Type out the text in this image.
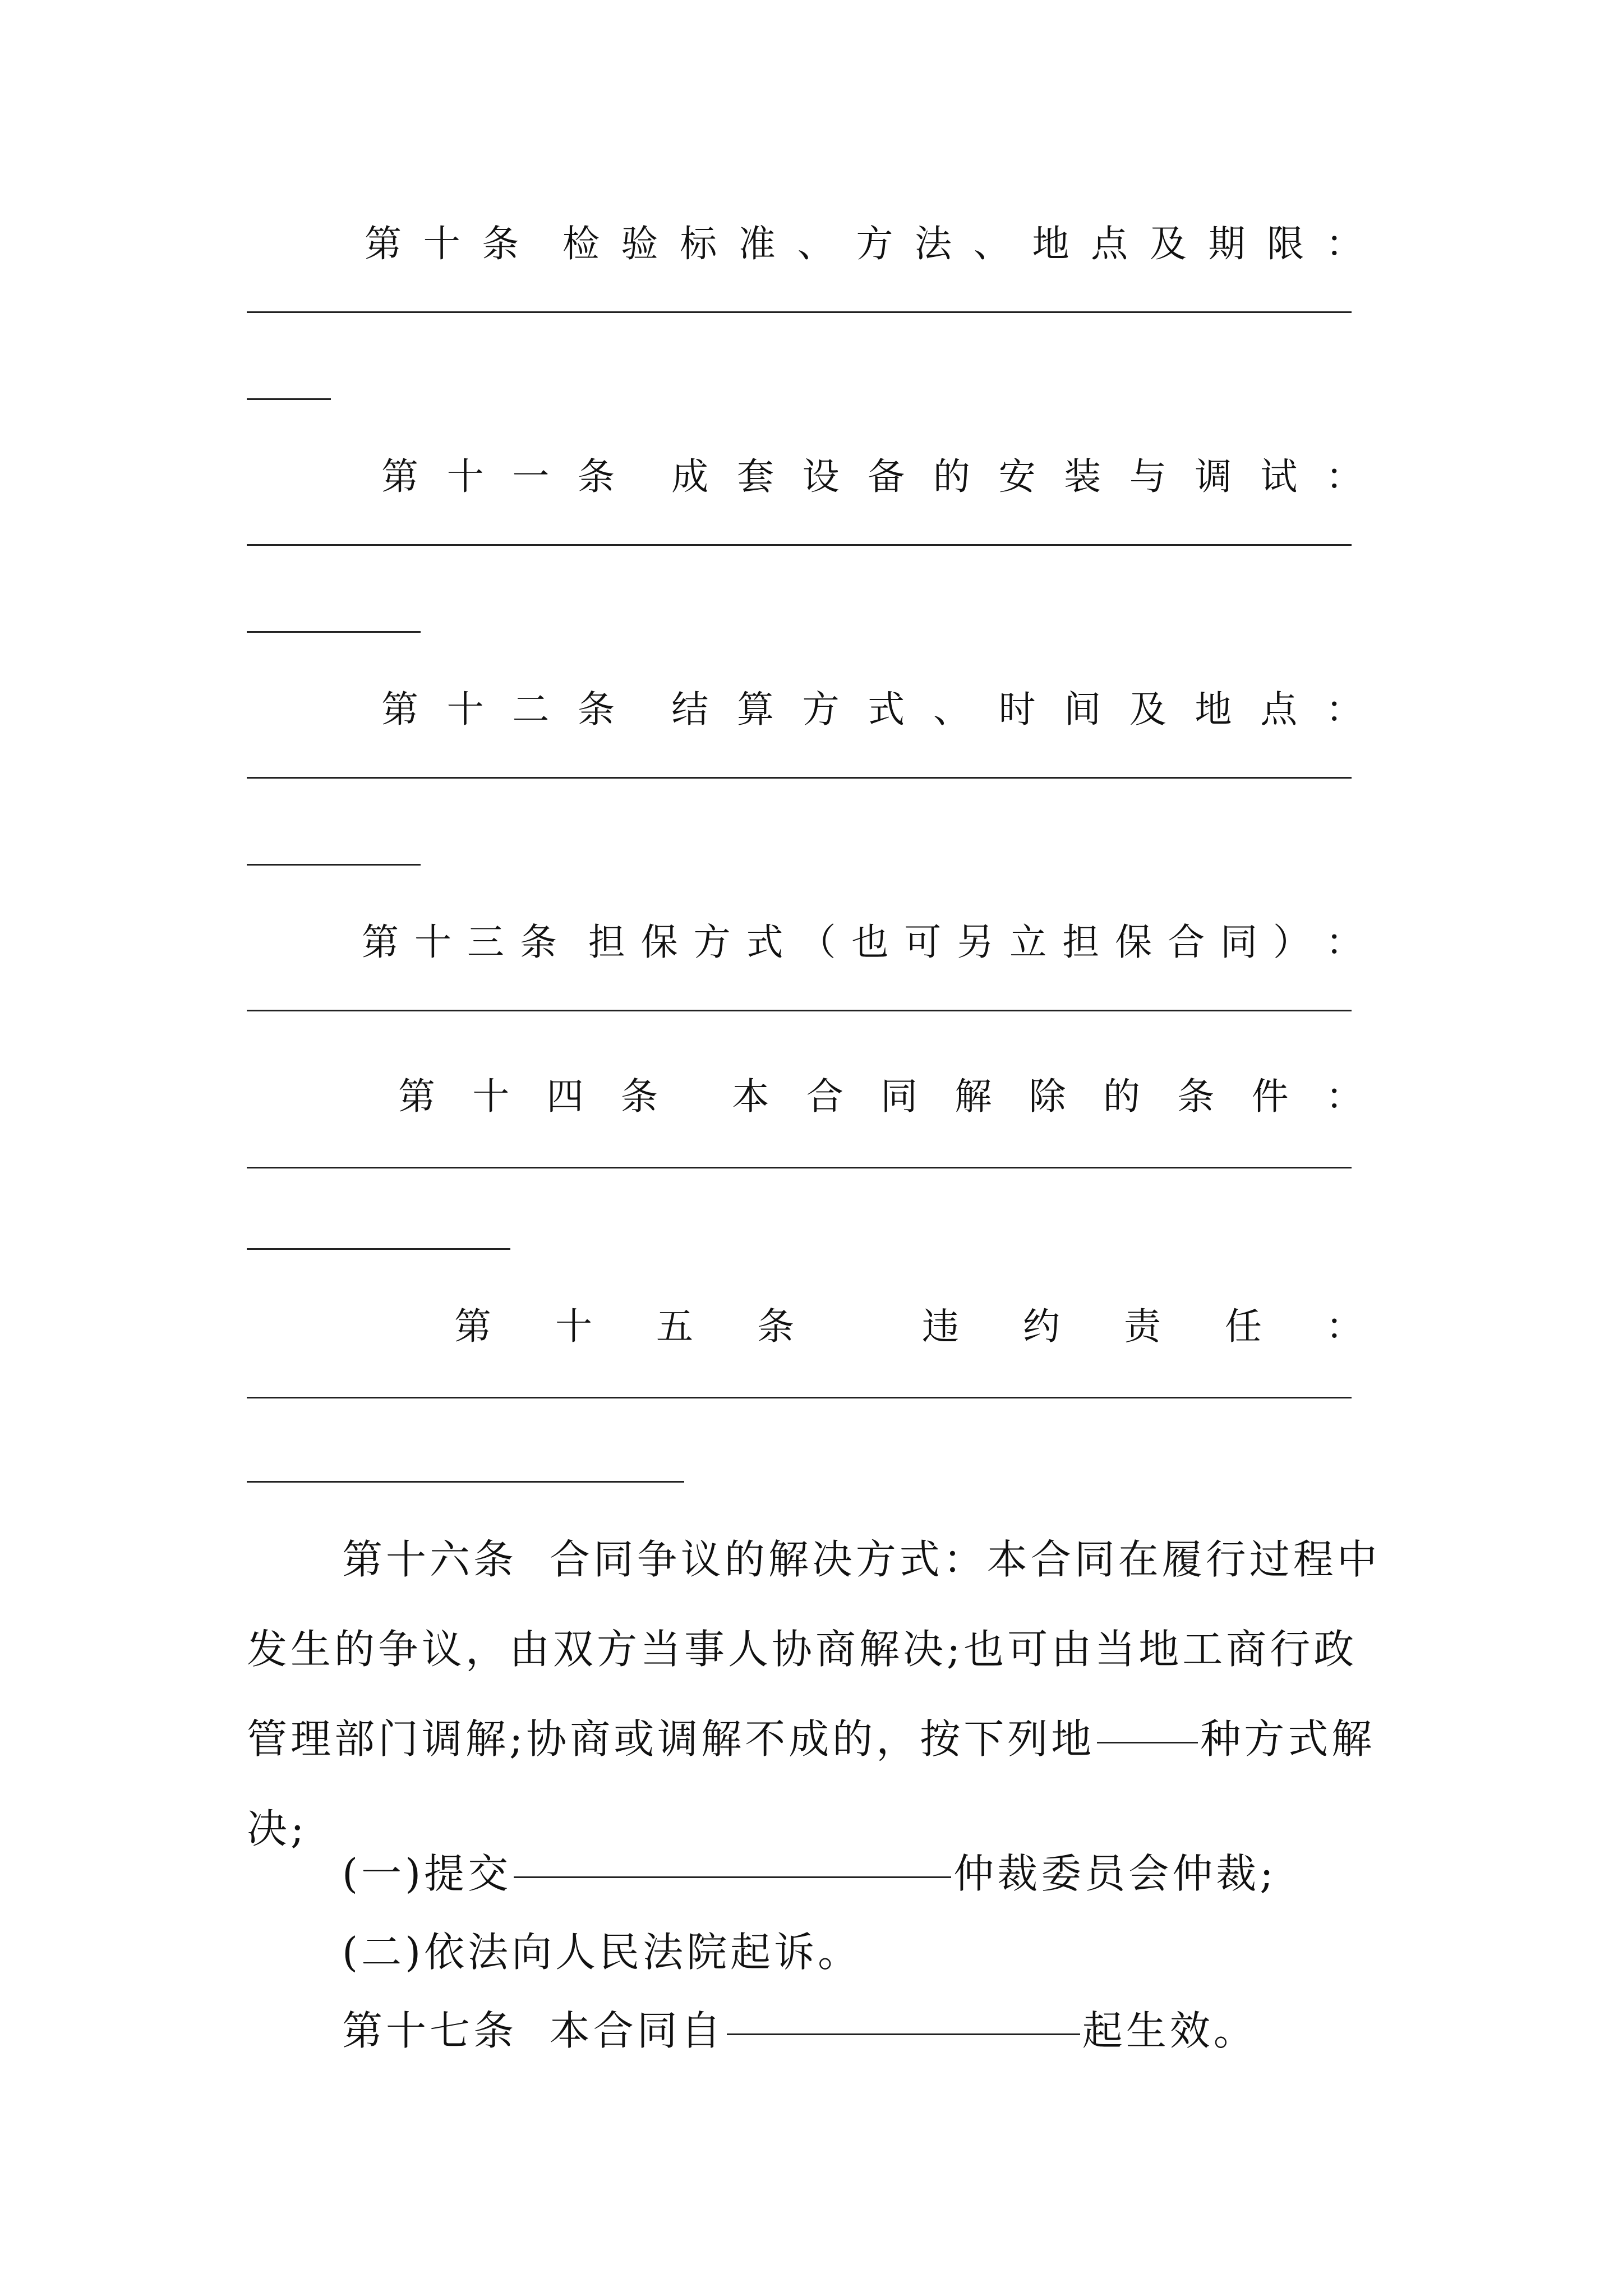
第 十 条 检 验 标 准 、 方 法 、 地 点 及 期 限 ：
第 十 一 条 成 套 设 备 的 安 装 与 调 试 ：
第 十 二 条 结 算 方 式 、 时 间 及 地 点 ：
第 十 三 条 担 保 方 式 （ 也 可 另 立 担 保 合 同 ） ：
第 十 四 条 本 合 同 解 除 的 条 件 ：
第 十 五 条	违 约 责 任 ：
第十六条  合同争议的解决方式：本合同在履行过程中发生的争议，由双方当事人协商解决;也可由当地工商行政管理部门调解;协商或调解不成的，按下列地	种方式解决;
(一)提交	仲裁委员会仲裁;
(二)依法向人民法院起诉。
第十七条  本合同自	起生效。
